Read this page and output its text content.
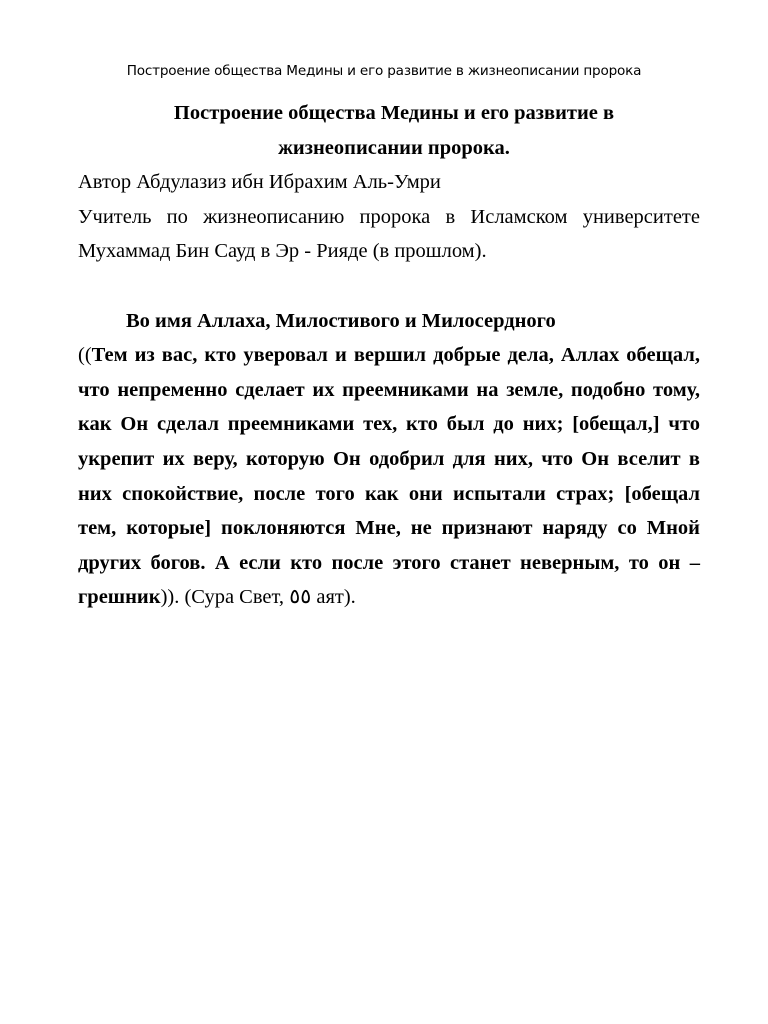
Построение общества Медины и его развитие в жизнеописании пророка

Построение общества Медины и его развитие в
жизнеописании пророка.

Автор Абдулазиз ибн Ибрахим Аль-Умри

Учитель по жизнеописанию пророка в Исламском университете Мухаммад Бин Сауд в Эр - Рияде (в прошлом).

Во имя Аллаха, Милостивого и Милосердного

((Тем из вас, кто уверовал и вершил добрые дела, Аллах обещал, что непременно сделает их преемниками на земле, подобно тому, как Он сделал преемниками тех, кто был до них; [обещал,] что укрепит их веру, которую Он одобрил для них, что Он вселит в них спокойствие, после того как они испытали страх; [обещал тем, которые] поклоняются Мне, не признают наряду со Мной других богов. А если кто после этого станет неверным, то он – грешник)). (Сура Свет, ٥٥ аят).
